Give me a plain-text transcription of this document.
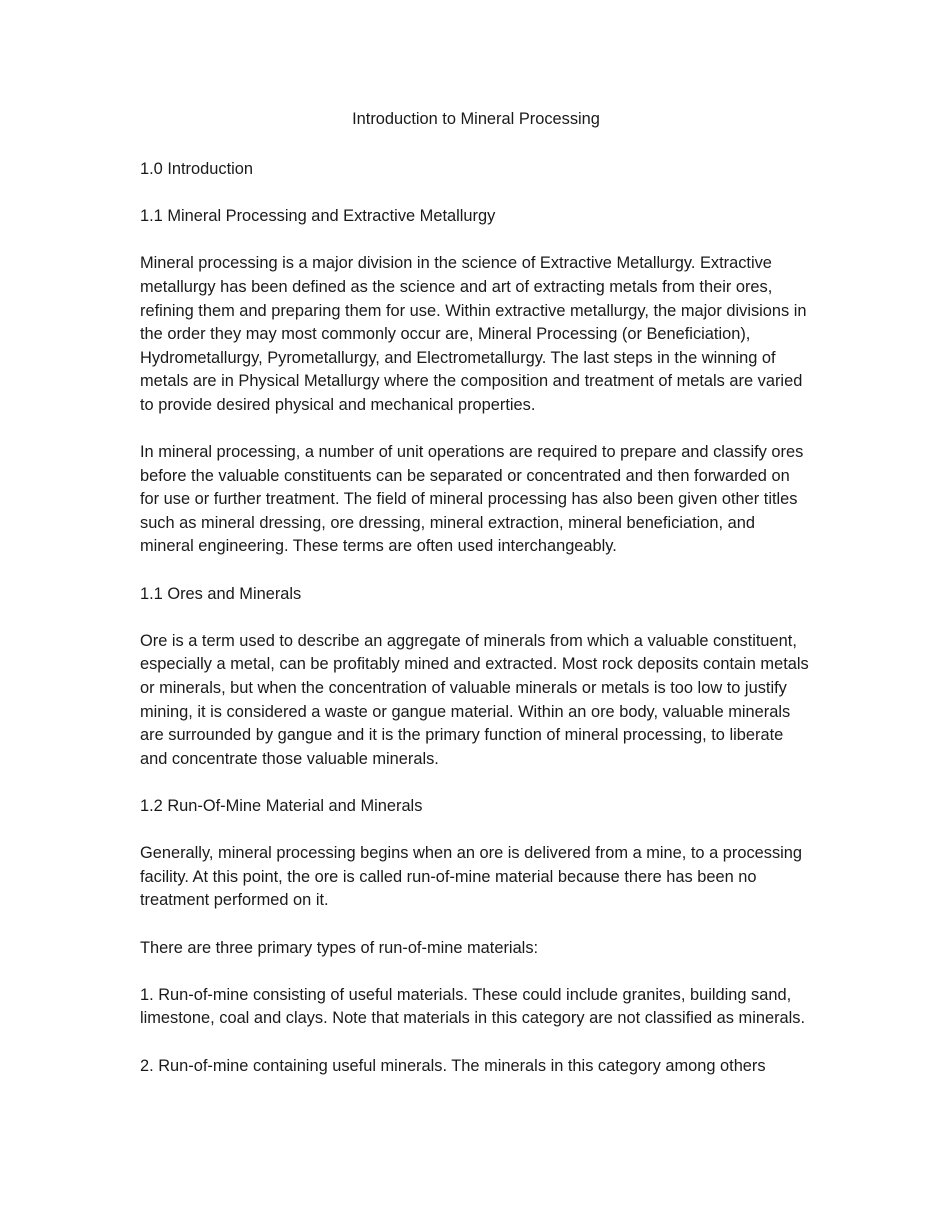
Introduction to Mineral Processing
1.0 Introduction
1.1 Mineral Processing and Extractive Metallurgy

Mineral processing is a major division in the science of Extractive Metallurgy. Extractive metallurgy has been defined as the science and art of extracting metals from their ores, refining them and preparing them for use. Within extractive metallurgy, the major divisions in the order they may most commonly occur are, Mineral Processing (or Beneficiation), Hydrometallurgy, Pyrometallurgy, and Electrometallurgy. The last steps in the winning of metals are in Physical Metallurgy where the composition and treatment of metals are varied to provide desired physical and mechanical properties.

In mineral processing, a number of unit operations are required to prepare and classify ores before the valuable constituents can be separated or concentrated and then forwarded on for use or further treatment. The field of mineral processing has also been given other titles such as mineral dressing, ore dressing, mineral extraction, mineral beneficiation, and mineral engineering. These terms are often used interchangeably.

1.1 Ores and Minerals

Ore is a term used to describe an aggregate of minerals from which a valuable constituent, especially a metal, can be profitably mined and extracted. Most rock deposits contain metals or minerals, but when the concentration of valuable minerals or metals is too low to justify mining, it is considered a waste or gangue material. Within an ore body, valuable minerals are surrounded by gangue and it is the primary function of mineral processing, to liberate and concentrate those valuable minerals.

1.2 Run-Of-Mine Material and Minerals

Generally, mineral processing begins when an ore is delivered from a mine, to a processing facility. At this point, the ore is called run-of-mine material because there has been no treatment performed on it.

There are three primary types of run-of-mine materials:

1. Run-of-mine consisting of useful materials. These could include granites, building sand, limestone, coal and clays. Note that materials in this category are not classified as minerals.

2. Run-of-mine containing useful minerals. The minerals in this category among others
